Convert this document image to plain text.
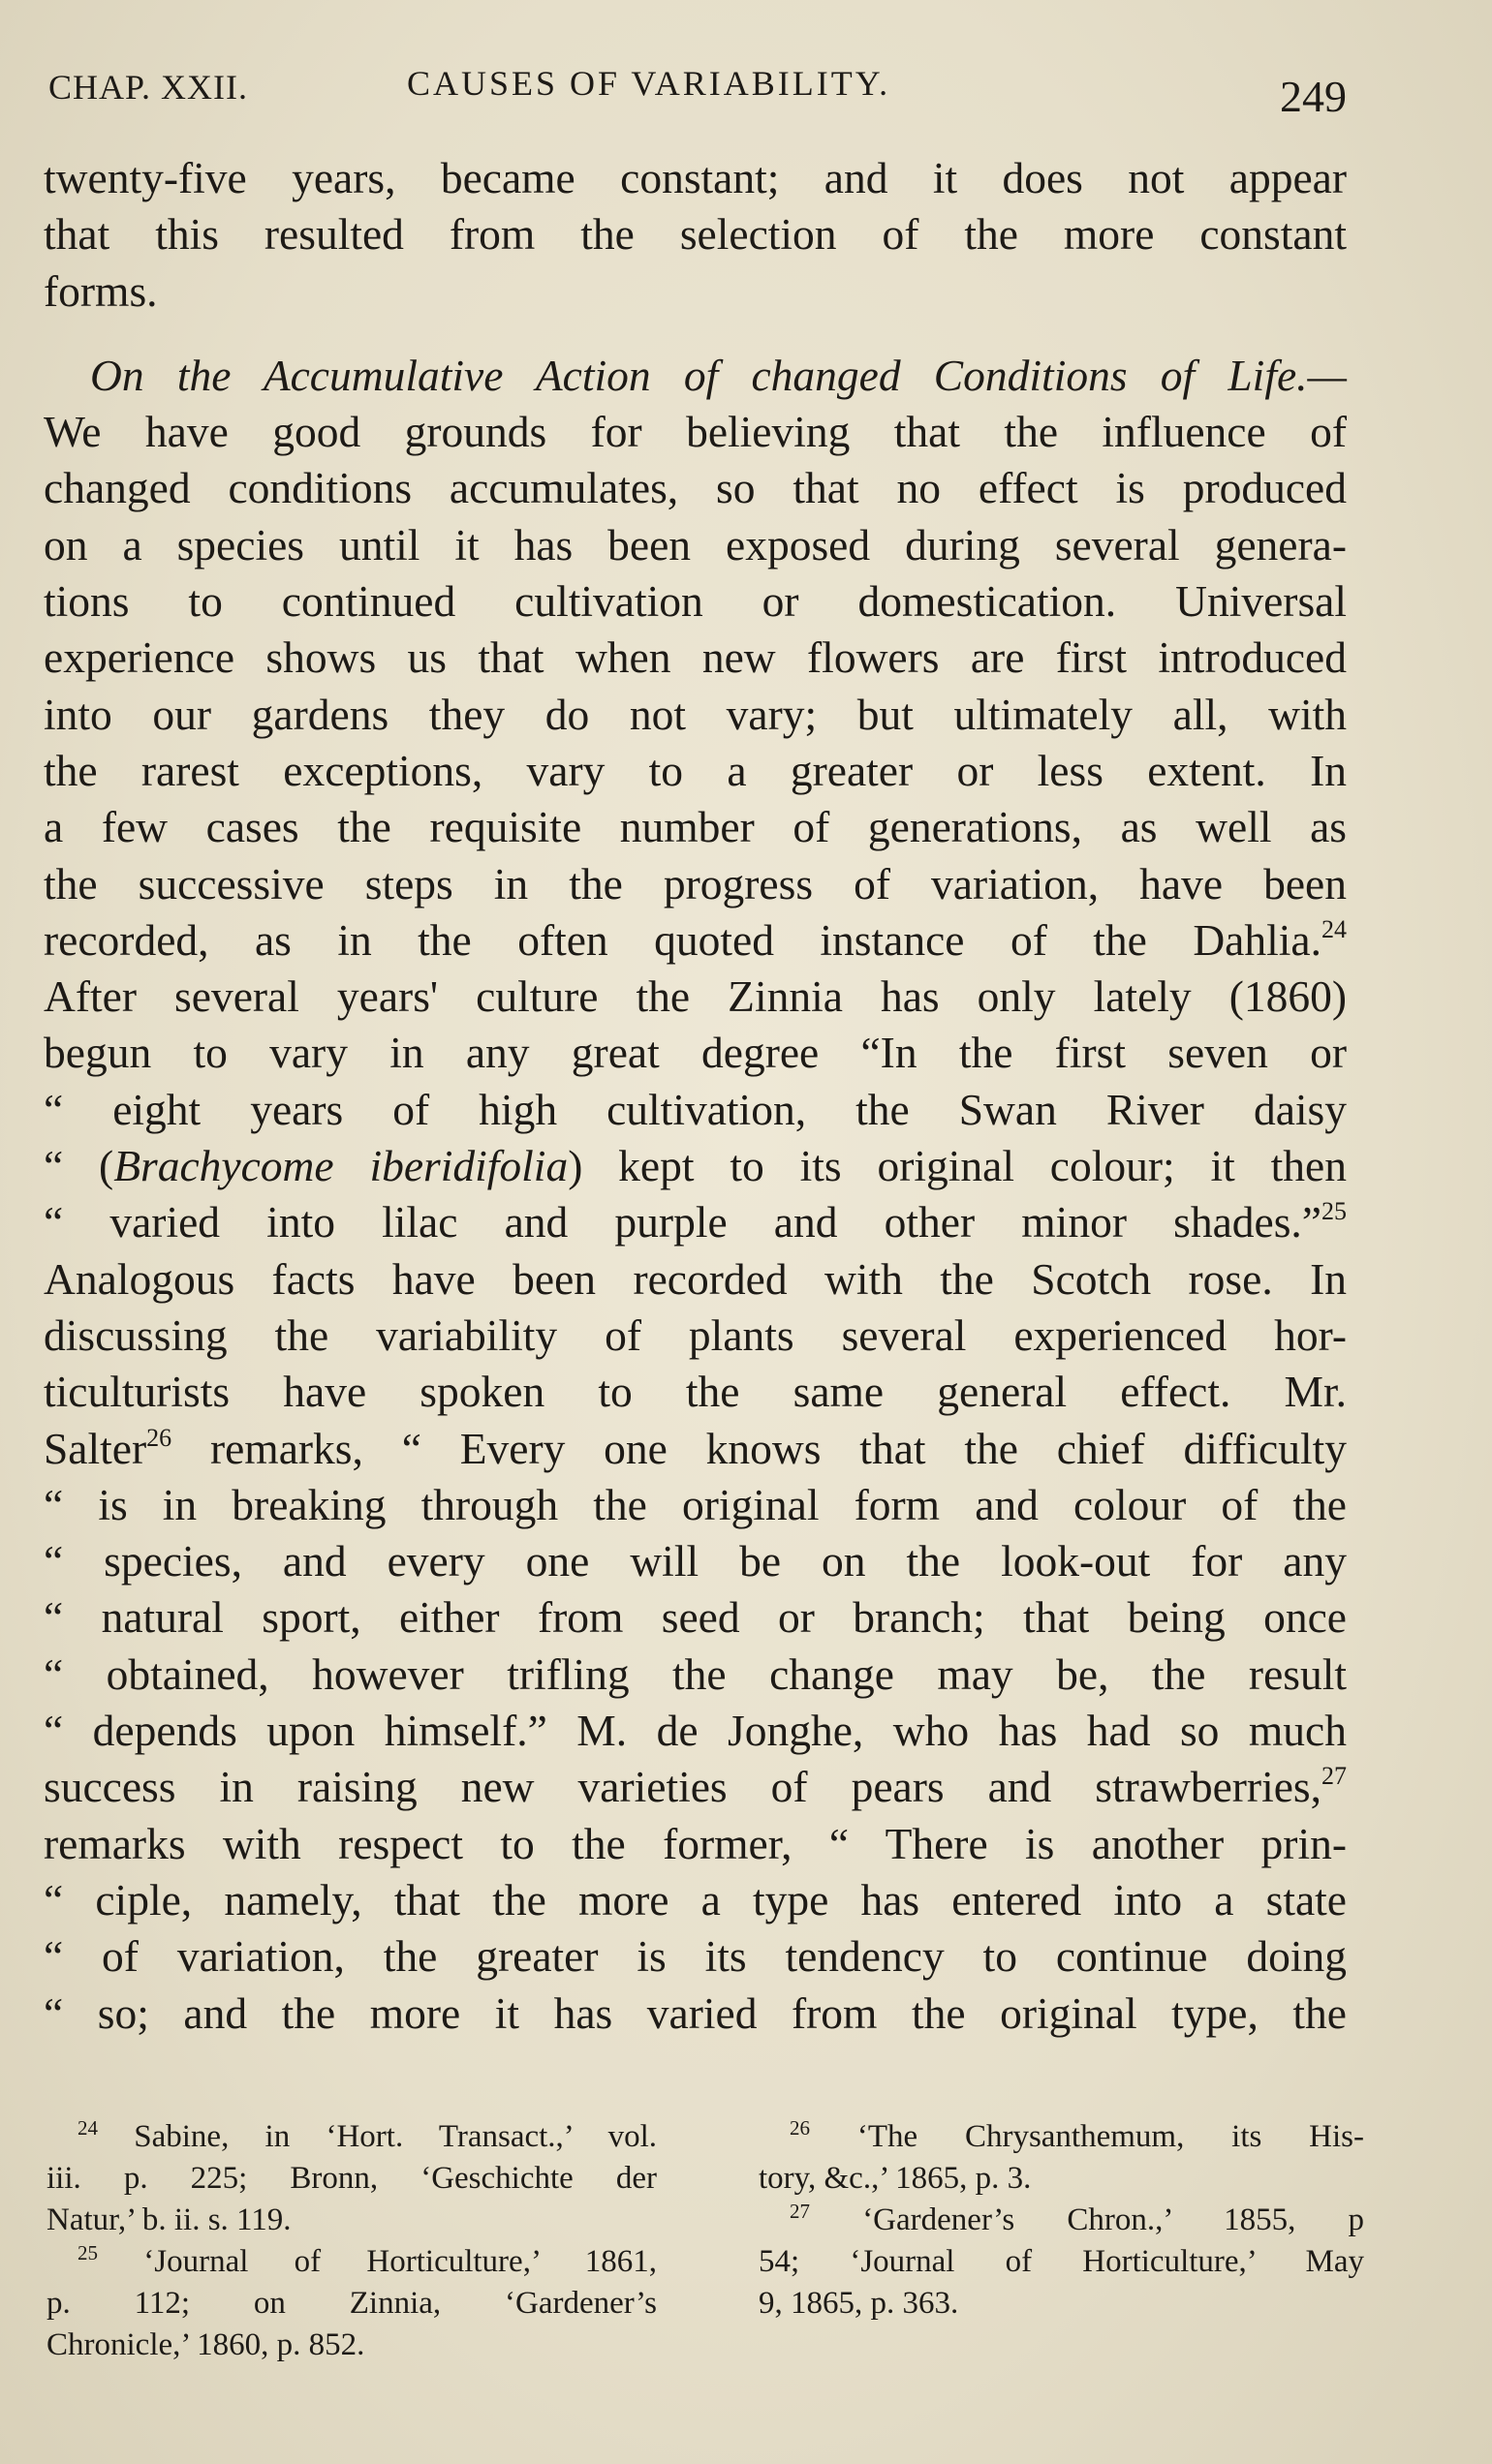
CHAP. XXII.	CAUSES OF VARIABILITY.	249
twenty-five years, became constant; and it does not appear
that this resulted from the selection of the more constant
forms.
On the Accumulative Action of changed Conditions of Life.—
We have good grounds for believing that the influence of
changed conditions accumulates, so that no effect is produced
on a species until it has been exposed during several genera-
tions to continued cultivation or domestication. Universal
experience shows us that when new flowers are first introduced
into our gardens they do not vary; but ultimately all, with
the rarest exceptions, vary to a greater or less extent. In
a few cases the requisite number of generations, as well as
the successive steps in the progress of variation, have been
recorded, as in the often quoted instance of the Dahlia.$^{24}$
After several years' culture the Zinnia has only lately (1860)
begun to vary in any great degree “In the first seven or
“ eight years of high cultivation, the Swan River daisy
“ (Brachycome iberidifolia) kept to its original colour; it then
“ varied into lilac and purple and other minor shades.”$^{25}$
Analogous facts have been recorded with the Scotch rose. In
discussing the variability of plants several experienced hor-
ticulturists have spoken to the same general effect. Mr.
Salter$^{26}$ remarks, “ Every one knows that the chief difficulty
“ is in breaking through the original form and colour of the
“ species, and every one will be on the look-out for any
“ natural sport, either from seed or branch; that being once
“ obtained, however trifling the change may be, the result
“ depends upon himself.” M. de Jonghe, who has had so much
success in raising new varieties of pears and strawberries,$^{27}$
remarks with respect to the former, “ There is another prin-
“ ciple, namely, that the more a type has entered into a state
“ of variation, the greater is its tendency to continue doing
“ so; and the more it has varied from the original type, the
$^{24}$ Sabine, in ‘Hort. Transact.,’ vol.
iii. p. 225; Bronn, ‘Geschichte der
Natur,’ b. ii. s. 119.
$^{25}$ ‘Journal of Horticulture,’ 1861,
p. 112; on Zinnia, ‘Gardener’s
Chronicle,’ 1860, p. 852.
$^{26}$ ‘The Chrysanthemum, its His-
tory, &c.,’ 1865, p. 3.
$^{27}$ ‘Gardener’s Chron.,’ 1855, p
54; ‘Journal of Horticulture,’ May
9, 1865, p. 363.
